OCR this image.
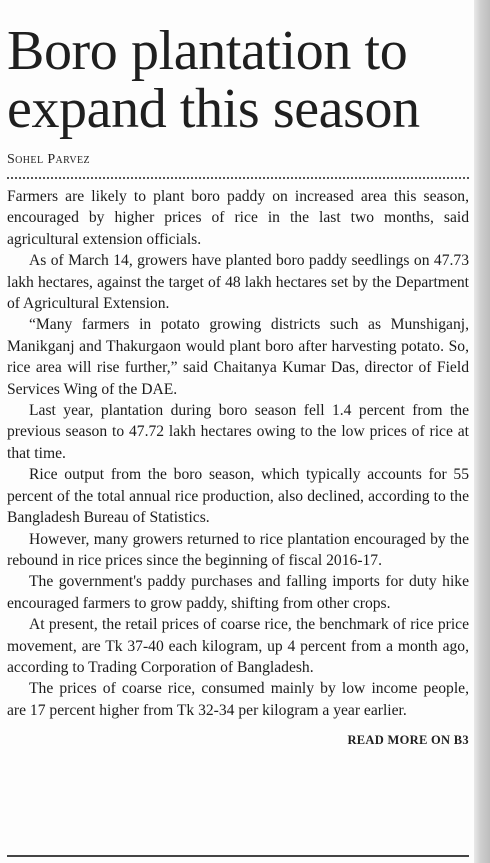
Boro plantation to expand this season
Sohel Parvez

Farmers are likely to plant boro paddy on increased area this season, encouraged by higher prices of rice in the last two months, said agricultural extension officials.

As of March 14, growers have planted boro paddy seedlings on 47.73 lakh hectares, against the target of 48 lakh hectares set by the Department of Agricultural Extension.

“Many farmers in potato growing districts such as Munshiganj, Manikganj and Thakurgaon would plant boro after harvesting potato. So, rice area will rise further,” said Chaitanya Kumar Das, director of Field Services Wing of the DAE.

Last year, plantation during boro season fell 1.4 percent from the previous season to 47.72 lakh hectares owing to the low prices of rice at that time.

Rice output from the boro season, which typically accounts for 55 percent of the total annual rice production, also declined, according to the Bangladesh Bureau of Statistics.

However, many growers returned to rice plantation encouraged by the rebound in rice prices since the beginning of fiscal 2016-17.

The government's paddy purchases and falling imports for duty hike encouraged farmers to grow paddy, shifting from other crops.

At present, the retail prices of coarse rice, the benchmark of rice price movement, are Tk 37-40 each kilogram, up 4 percent from a month ago, according to Trading Corporation of Bangladesh.

The prices of coarse rice, consumed mainly by low income people, are 17 percent higher from Tk 32-34 per kilogram a year earlier.

READ MORE ON B3
